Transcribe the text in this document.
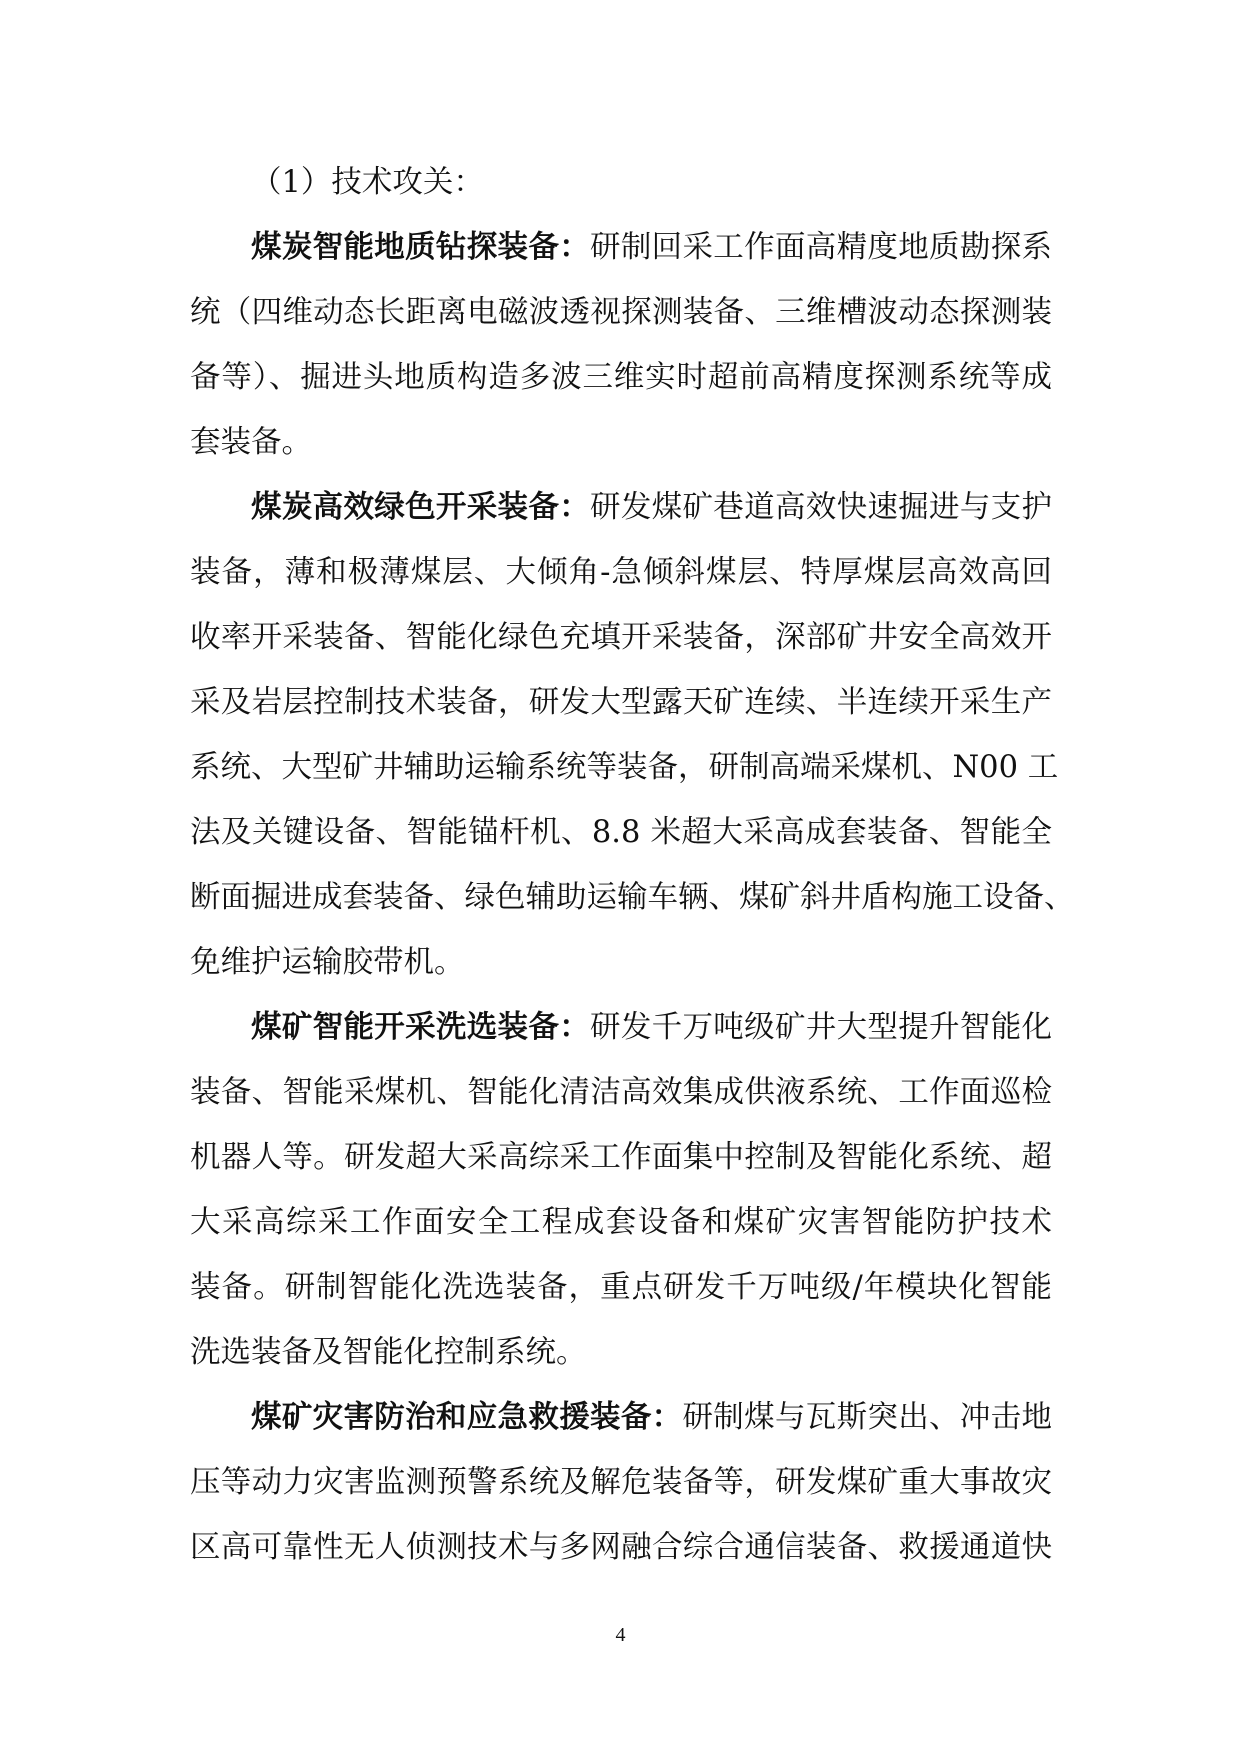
（1）技术攻关：
煤炭智能地质钻探装备：研制回采工作面高精度地质勘探系
统（四维动态长距离电磁波透视探测装备、三维槽波动态探测装
备等）、掘进头地质构造多波三维实时超前高精度探测系统等成
套装备。
煤炭高效绿色开采装备：研发煤矿巷道高效快速掘进与支护
装备，薄和极薄煤层、大倾角-急倾斜煤层、特厚煤层高效高回
收率开采装备、智能化绿色充填开采装备，深部矿井安全高效开
采及岩层控制技术装备，研发大型露天矿连续、半连续开采生产
系统、大型矿井辅助运输系统等装备，研制高端采煤机、N00 工
法及关键设备、智能锚杆机、8.8 米超大采高成套装备、智能全
断面掘进成套装备、绿色辅助运输车辆、煤矿斜井盾构施工设备、
免维护运输胶带机。
煤矿智能开采洗选装备：研发千万吨级矿井大型提升智能化
装备、智能采煤机、智能化清洁高效集成供液系统、工作面巡检
机器人等。研发超大采高综采工作面集中控制及智能化系统、超
大采高综采工作面安全工程成套设备和煤矿灾害智能防护技术
装备。研制智能化洗选装备，重点研发千万吨级/年模块化智能
洗选装备及智能化控制系统。
煤矿灾害防治和应急救援装备：研制煤与瓦斯突出、冲击地
压等动力灾害监测预警系统及解危装备等，研发煤矿重大事故灾
区高可靠性无人侦测技术与多网融合综合通信装备、救援通道快
4
